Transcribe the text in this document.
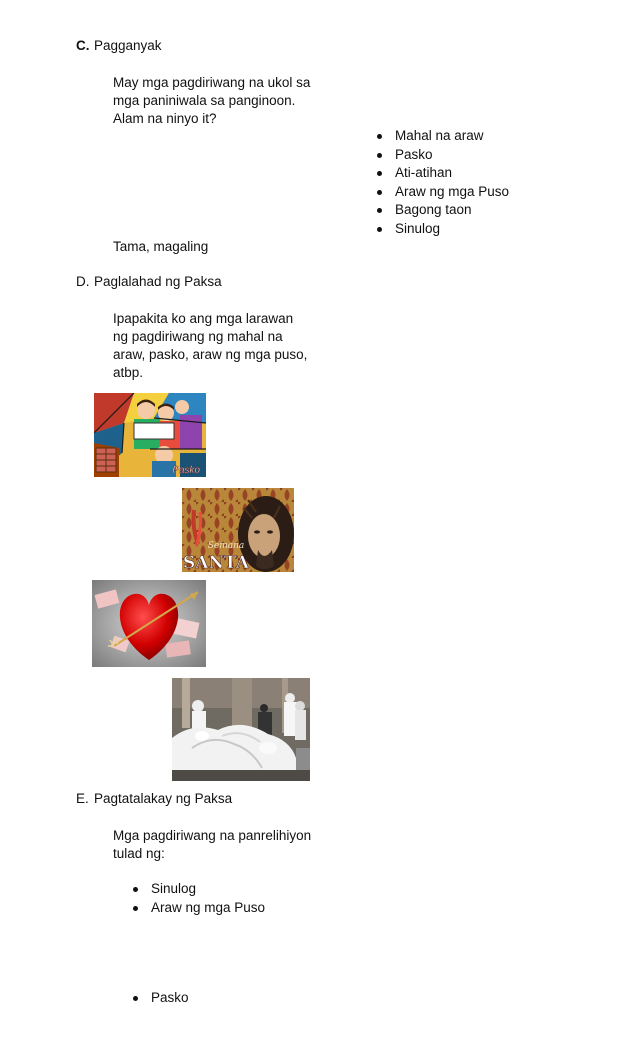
C. Pagganyak
May mga pagdiriwang na ukol sa
mga paniniwala sa panginoon.
Alam na ninyo it?
Mahal na araw
Pasko
Ati-atihan
Araw ng mga Puso
Bagong taon
Sinulog
Tama, magaling
D. Paglalahad ng Paksa
Ipapakita ko ang mga larawan
ng pagdiriwang ng mahal na
araw, pasko, araw ng mga puso,
atbp.
Pasko
Semana
SANTA
E. Pagtatalakay ng Paksa
Mga pagdiriwang na panrelihiyon
tulad ng:
Sinulog
Araw ng mga Puso
Pasko
